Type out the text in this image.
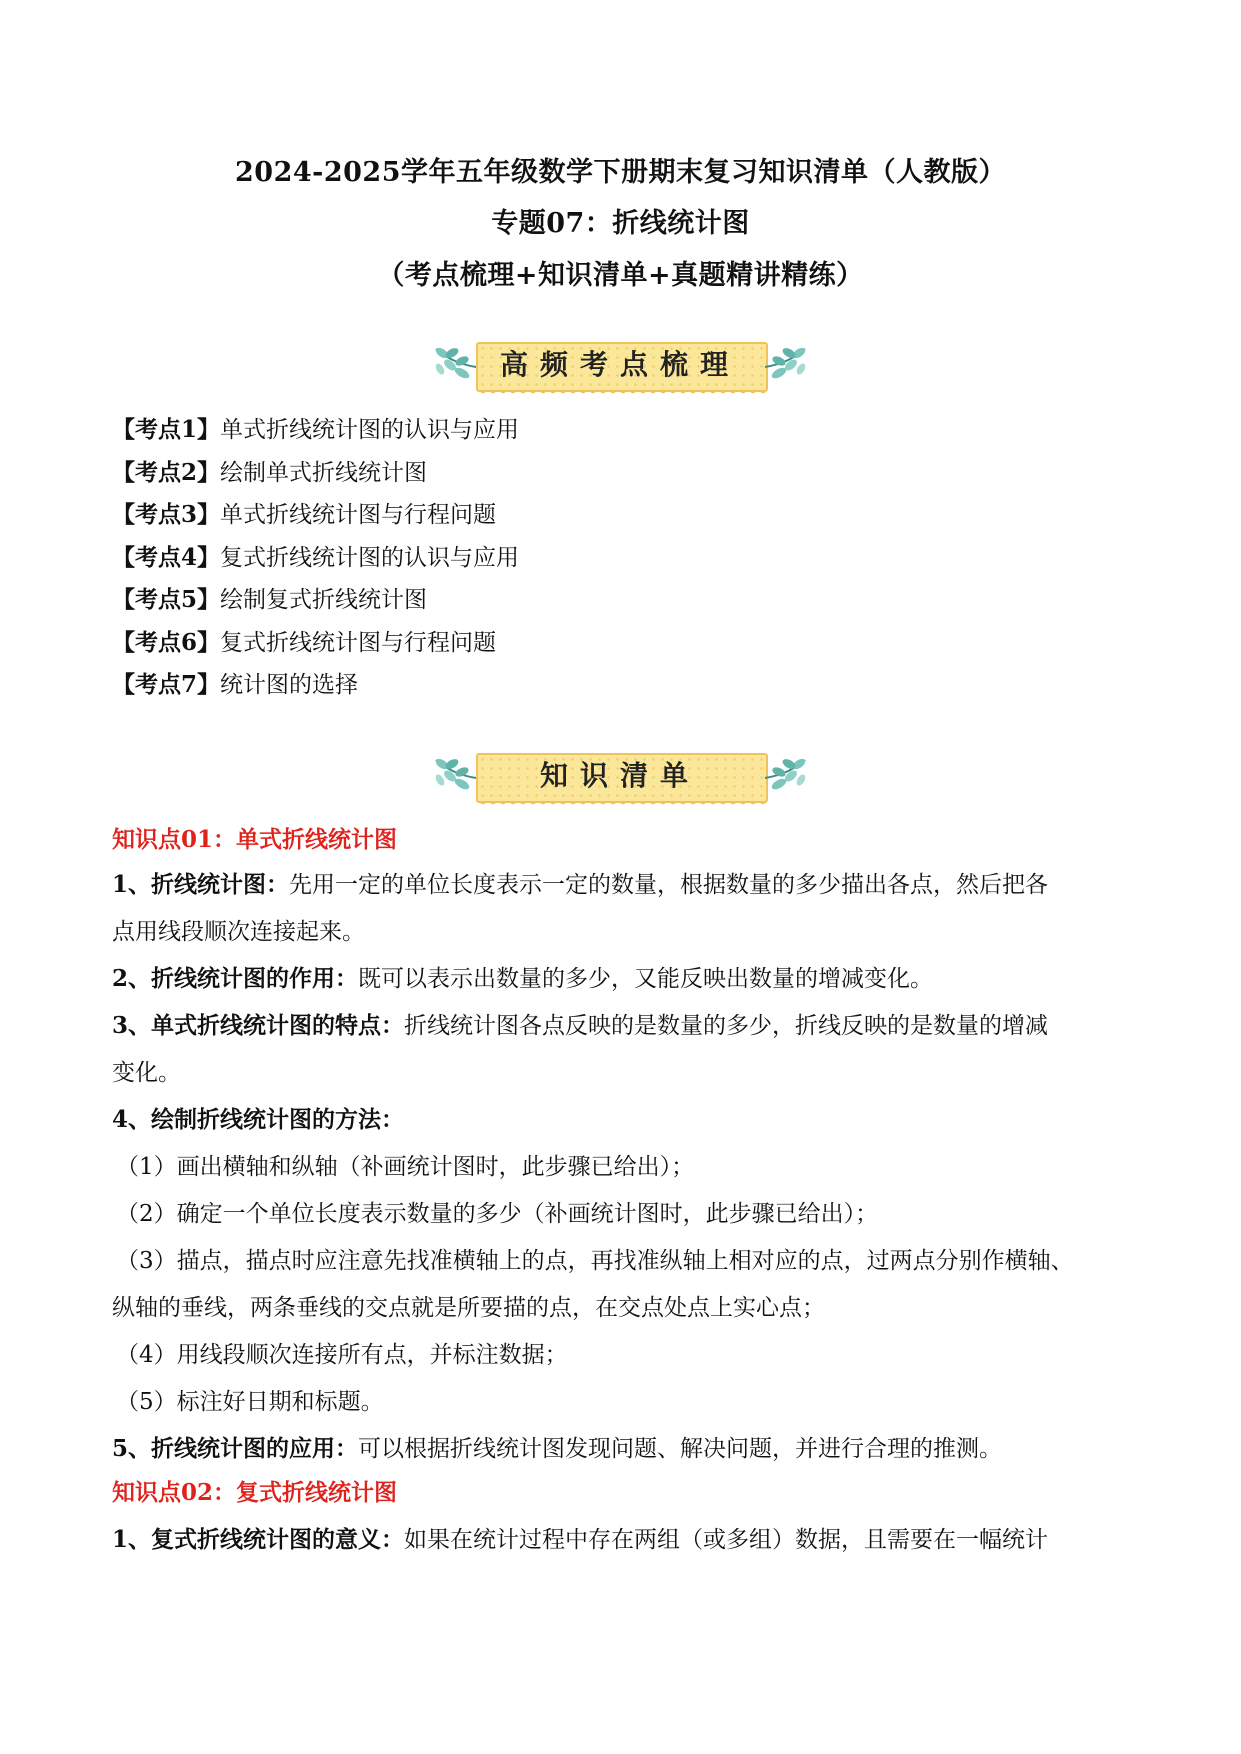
2024-2025学年五年级数学下册期末复习知识清单（人教版）
专题07：折线统计图
（考点梳理+知识清单+真题精讲精练）
高频考点梳理
【考点1】单式折线统计图的认识与应用
【考点2】绘制单式折线统计图
【考点3】单式折线统计图与行程问题
【考点4】复式折线统计图的认识与应用
【考点5】绘制复式折线统计图
【考点6】复式折线统计图与行程问题
【考点7】统计图的选择
知识清单
知识点01：单式折线统计图
1、折线统计图：先用一定的单位长度表示一定的数量，根据数量的多少描出各点，然后把各
点用线段顺次连接起来。
2、折线统计图的作用：既可以表示出数量的多少，又能反映出数量的增减变化。
3、单式折线统计图的特点：折线统计图各点反映的是数量的多少，折线反映的是数量的增减
变化。
4、绘制折线统计图的方法：
（1）画出横轴和纵轴（补画统计图时，此步骤已给出）；
（2）确定一个单位长度表示数量的多少（补画统计图时，此步骤已给出）；
（3）描点，描点时应注意先找准横轴上的点，再找准纵轴上相对应的点，过两点分别作横轴、
纵轴的垂线，两条垂线的交点就是所要描的点，在交点处点上实心点；
（4）用线段顺次连接所有点，并标注数据；
（5）标注好日期和标题。
5、折线统计图的应用：可以根据折线统计图发现问题、解决问题，并进行合理的推测。
知识点02：复式折线统计图
1、复式折线统计图的意义：如果在统计过程中存在两组（或多组）数据，且需要在一幅统计
